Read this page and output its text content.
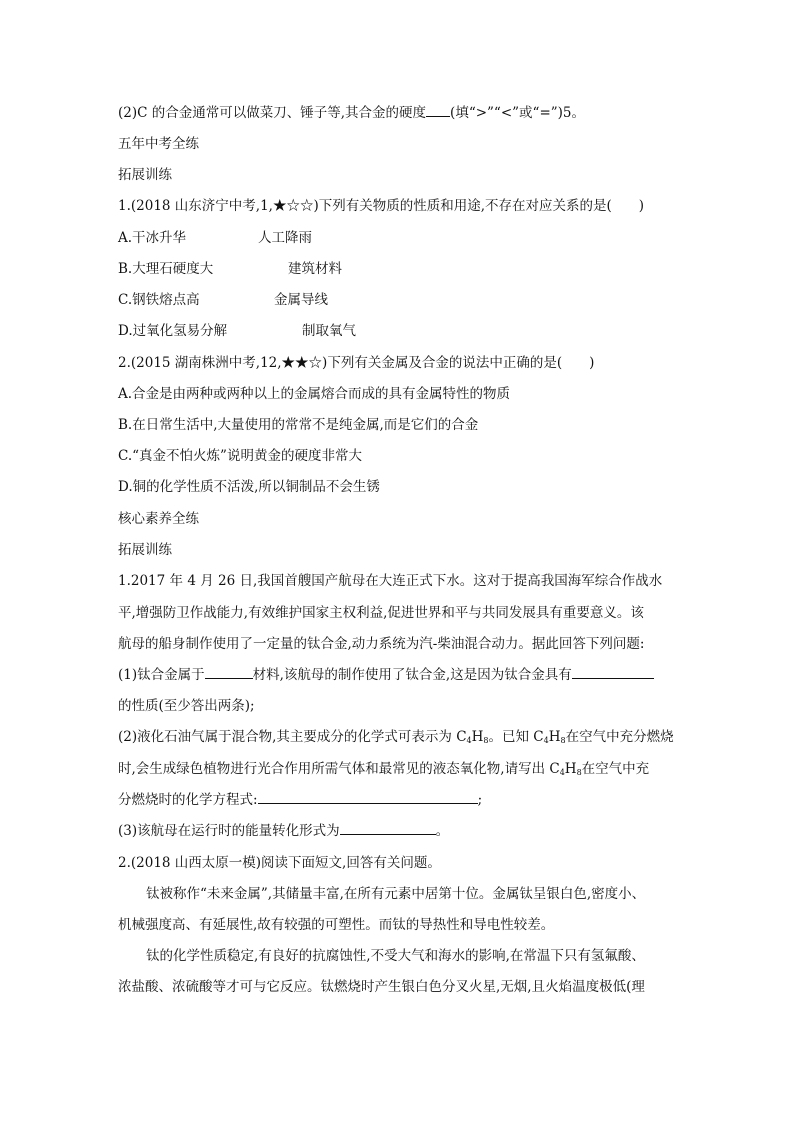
(2)C 的合金通常可以做菜刀、锤子等,其合金的硬度 (填“>”“<”或“=”)5。
五年中考全练
拓展训练
1.(2018 山东济宁中考,1,★☆☆)下列有关物质的性质和用途,不存在对应关系的是(　　)
A.干冰升华	人工降雨
B.大理石硬度大	建筑材料
C.钢铁熔点高	金属导线
D.过氧化氢易分解	制取氧气
2.(2015 湖南株洲中考,12,★★☆)下列有关金属及合金的说法中正确的是(　　)
A.合金是由两种或两种以上的金属熔合而成的具有金属特性的物质
B.在日常生活中,大量使用的常常不是纯金属,而是它们的合金
C.“真金不怕火炼”说明黄金的硬度非常大
D.铜的化学性质不活泼,所以铜制品不会生锈
核心素养全练
拓展训练
1.2017 年 4 月 26 日,我国首艘国产航母在大连正式下水。这对于提高我国海军综合作战水
平,增强防卫作战能力,有效维护国家主权利益,促进世界和平与共同发展具有重要意义。该
航母的船身制作使用了一定量的钛合金,动力系统为汽-柴油混合动力。据此回答下列问题:
(1)钛合金属于	材料,该航母的制作使用了钛合金,这是因为钛合金具有
的性质(至少答出两条);
(2)液化石油气属于混合物,其主要成分的化学式可表示为 $C_4H_8$。已知 $C_4H_8$在空气中充分燃烧
时,会生成绿色植物进行光合作用所需气体和最常见的液态氧化物,请写出 $C_4H_8$在空气中充
分燃烧时的化学方程式:	;
(3)该航母在运行时的能量转化形式为	。
2.(2018 山西太原一模)阅读下面短文,回答有关问题。
钛被称作“未来金属”,其储量丰富,在所有元素中居第十位。金属钛呈银白色,密度小、
机械强度高、有延展性,故有较强的可塑性。而钛的导热性和导电性较差。
钛的化学性质稳定,有良好的抗腐蚀性,不受大气和海水的影响,在常温下只有氢氟酸、
浓盐酸、浓硫酸等才可与它反应。钛燃烧时产生银白色分叉火星,无烟,且火焰温度极低(理
